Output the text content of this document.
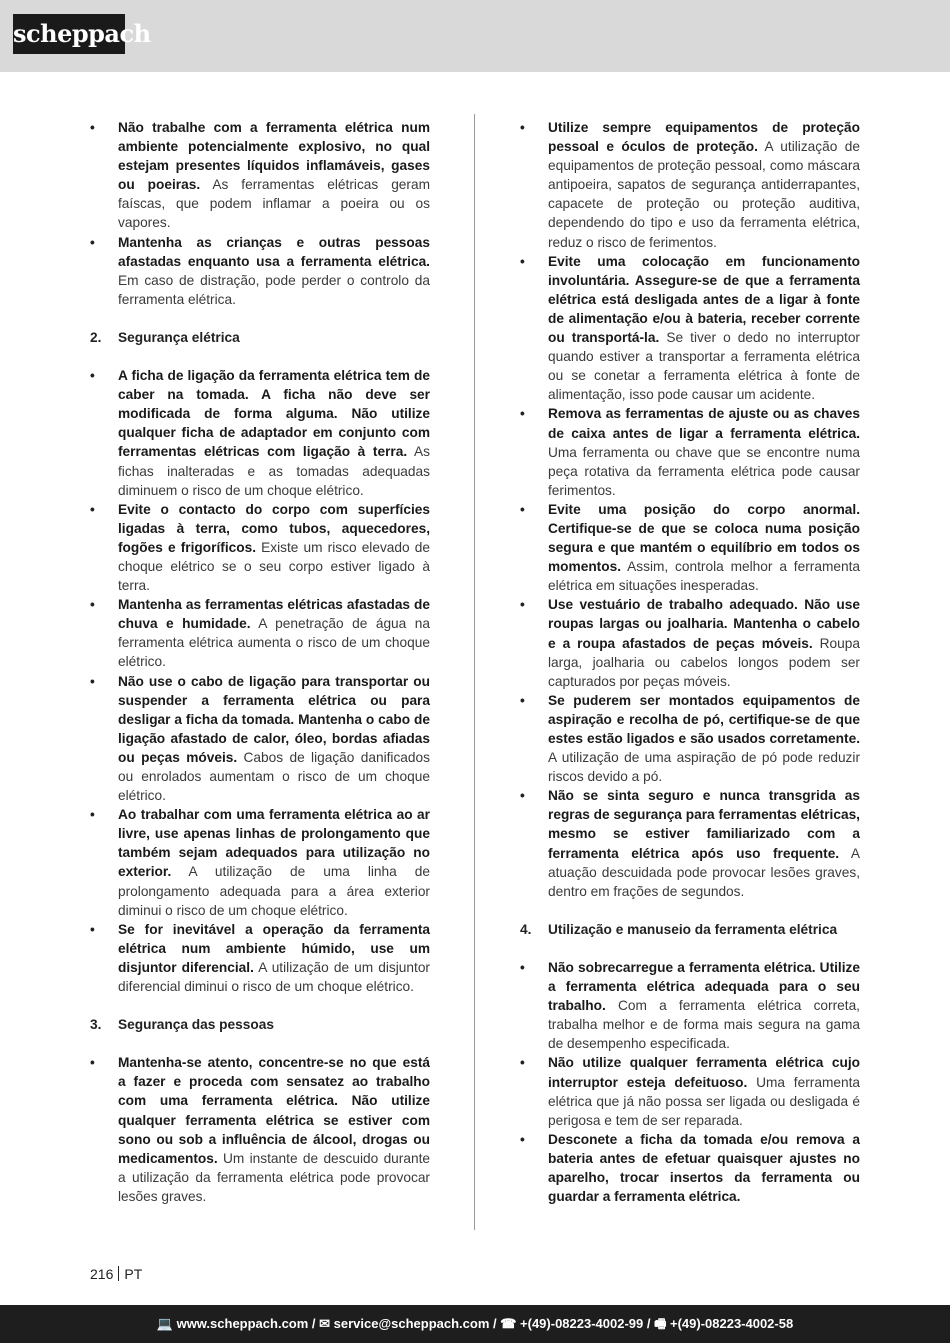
scheppach
• Não trabalhe com a ferramenta elétrica num ambiente potencialmente explosivo, no qual estejam presentes líquidos inflamáveis, gases ou poeiras. As ferramentas elétricas geram faíscas, que podem inflamar a poeira ou os vapores.
• Mantenha as crianças e outras pessoas afastadas enquanto usa a ferramenta elétrica. Em caso de distração, pode perder o controlo da ferramenta elétrica.
2. Segurança elétrica
• A ficha de ligação da ferramenta elétrica tem de caber na tomada. A ficha não deve ser modificada de forma alguma. Não utilize qualquer ficha de adaptador em conjunto com ferramentas elétricas com ligação à terra. As fichas inalteradas e as tomadas adequadas diminuem o risco de um choque elétrico.
• Evite o contacto do corpo com superfícies ligadas à terra, como tubos, aquecedores, fogões e frigoríficos. Existe um risco elevado de choque elétrico se o seu corpo estiver ligado à terra.
• Mantenha as ferramentas elétricas afastadas de chuva e humidade. A penetração de água na ferramenta elétrica aumenta o risco de um choque elétrico.
• Não use o cabo de ligação para transportar ou suspender a ferramenta elétrica ou para desligar a ficha da tomada. Mantenha o cabo de ligação afastado de calor, óleo, bordas afiadas ou peças móveis. Cabos de ligação danificados ou enrolados aumentam o risco de um choque elétrico.
• Ao trabalhar com uma ferramenta elétrica ao ar livre, use apenas linhas de prolongamento que também sejam adequados para utilização no exterior. A utilização de uma linha de prolongamento adequada para a área exterior diminui o risco de um choque elétrico.
• Se for inevitável a operação da ferramenta elétrica num ambiente húmido, use um disjuntor diferencial. A utilização de um disjuntor diferencial diminui o risco de um choque elétrico.
3. Segurança das pessoas
• Mantenha-se atento, concentre-se no que está a fazer e proceda com sensatez ao trabalho com uma ferramenta elétrica. Não utilize qualquer ferramenta elétrica se estiver com sono ou sob a influência de álcool, drogas ou medicamentos. Um instante de descuido durante a utilização da ferramenta elétrica pode provocar lesões graves.
• Utilize sempre equipamentos de proteção pessoal e óculos de proteção. A utilização de equipamentos de proteção pessoal, como máscara antipoeira, sapatos de segurança antiderrapantes, capacete de proteção ou proteção auditiva, dependendo do tipo e uso da ferramenta elétrica, reduz o risco de ferimentos.
• Evite uma colocação em funcionamento involuntária. Assegure-se de que a ferramenta elétrica está desligada antes de a ligar à fonte de alimentação e/ou à bateria, receber corrente ou transportá-la. Se tiver o dedo no interruptor quando estiver a transportar a ferramenta elétrica ou se conetar a ferramenta elétrica à fonte de alimentação, isso pode causar um acidente.
• Remova as ferramentas de ajuste ou as chaves de caixa antes de ligar a ferramenta elétrica. Uma ferramenta ou chave que se encontre numa peça rotativa da ferramenta elétrica pode causar ferimentos.
• Evite uma posição do corpo anormal. Certifique-se de que se coloca numa posição segura e que mantém o equilíbrio em todos os momentos. Assim, controla melhor a ferramenta elétrica em situações inesperadas.
• Use vestuário de trabalho adequado. Não use roupas largas ou joalharia. Mantenha o cabelo e a roupa afastados de peças móveis. Roupa larga, joalharia ou cabelos longos podem ser capturados por peças móveis.
• Se puderem ser montados equipamentos de aspiração e recolha de pó, certifique-se de que estes estão ligados e são usados corretamente. A utilização de uma aspiração de pó pode reduzir riscos devido a pó.
• Não se sinta seguro e nunca transgrida as regras de segurança para ferramentas elétricas, mesmo se estiver familiarizado com a ferramenta elétrica após uso frequente. A atuação descuidada pode provocar lesões graves, dentro em frações de segundos.
4. Utilização e manuseio da ferramenta elétrica
• Não sobrecarregue a ferramenta elétrica. Utilize a ferramenta elétrica adequada para o seu trabalho. Com a ferramenta elétrica correta, trabalha melhor e de forma mais segura na gama de desempenho especificada.
• Não utilize qualquer ferramenta elétrica cujo interruptor esteja defeituoso. Uma ferramenta elétrica que já não possa ser ligada ou desligada é perigosa e tem de ser reparada.
• Desconete a ficha da tomada e/ou remova a bateria antes de efetuar quaisquer ajustes no aparelho, trocar insertos da ferramenta ou guardar a ferramenta elétrica.
216 PT
💻 www.scheppach.com / ✉ service@scheppach.com / ☎ +(49)-08223-4002-99 / 🖷 +(49)-08223-4002-58
